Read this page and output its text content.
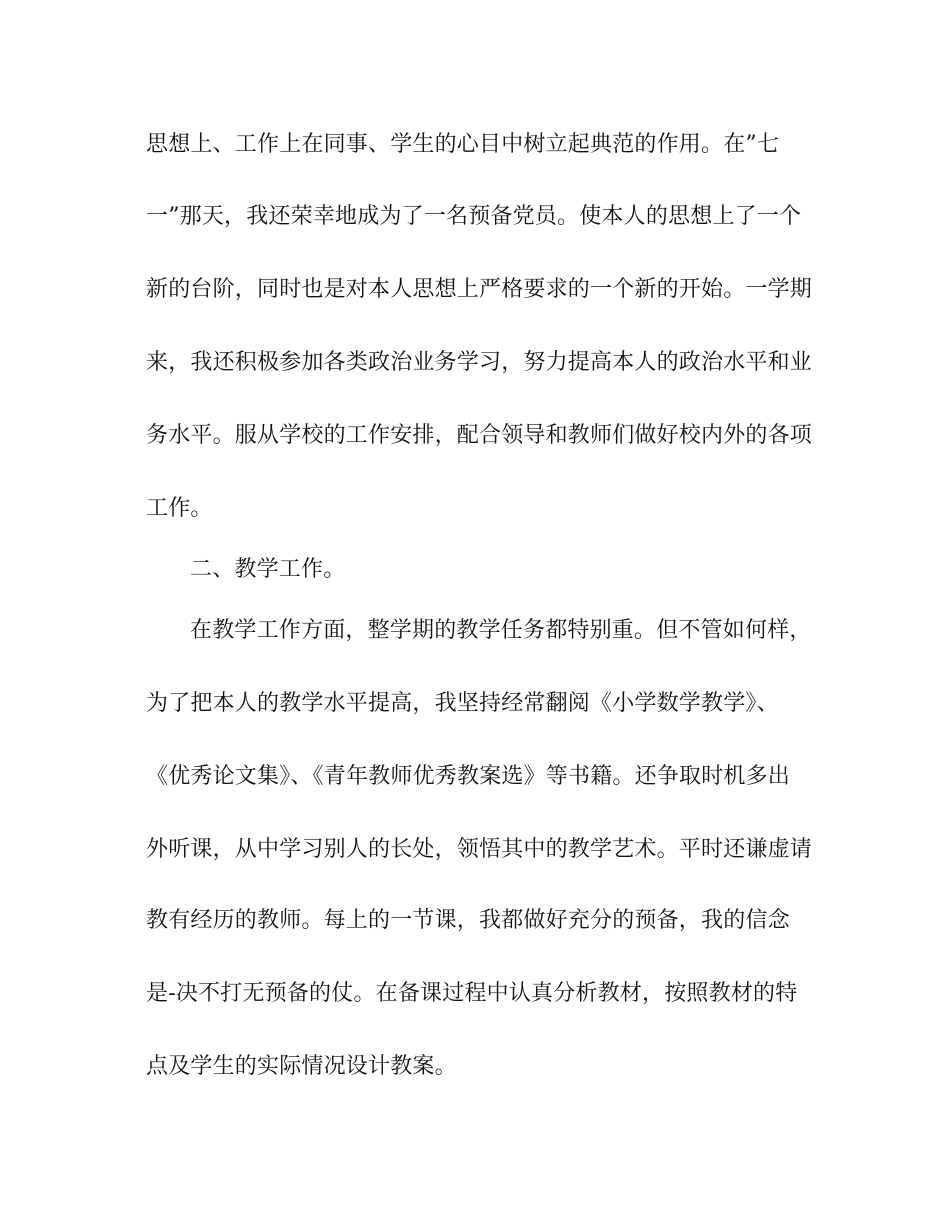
思想上、工作上在同事、学生的心目中树立起典范的作用。在”七
一”那天，我还荣幸地成为了一名预备党员。使本人的思想上了一个
新的台阶，同时也是对本人思想上严格要求的一个新的开始。一学期
来，我还积极参加各类政治业务学习，努力提高本人的政治水平和业
务水平。服从学校的工作安排，配合领导和教师们做好校内外的各项
工作。
二、教学工作。
在教学工作方面，整学期的教学任务都特别重。但不管如何样，
为了把本人的教学水平提高，我坚持经常翻阅《小学数学教学》、
《优秀论文集》、《青年教师优秀教案选》等书籍。还争取时机多出
外听课，从中学习别人的长处，领悟其中的教学艺术。平时还谦虚请
教有经历的教师。每上的一节课，我都做好充分的预备，我的信念
是-决不打无预备的仗。在备课过程中认真分析教材，按照教材的特
点及学生的实际情况设计教案。
